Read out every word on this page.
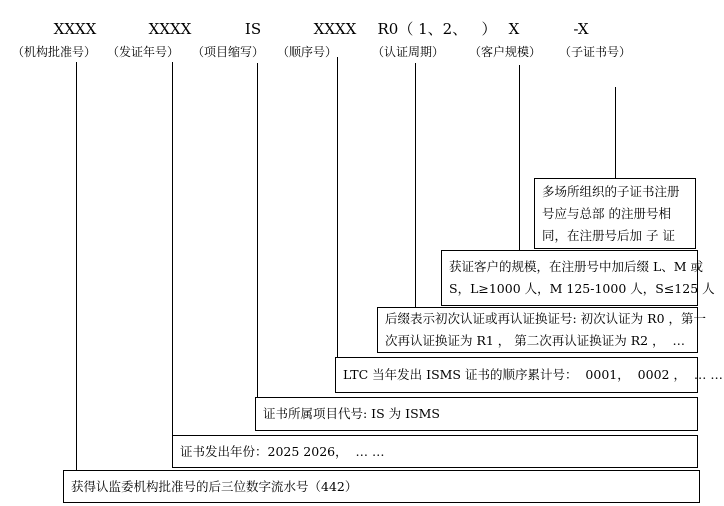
XXXX	XXXX	IS	XXXX R0（ 1、2、   ） X	-X
（机构批准号） （发证年号） （项目缩写） （顺序号）	（认证周期） （客户规模） （子证书号）
多场所组织的子证书注册
号应与总部 的注册号相
同，在注册号后加 子 证
获证客户的规模，在注册号中加后缀 L、M 或
S，L≥1000 人，M 125-1000 人，S≤125 人
后缀表示初次认证或再认证换证号: 初次认证为 R0 ，第一
次再认证换证为 R1 ， 第二次再认证换证为 R2 ，  …
LTC 当年发出 ISMS 证书的顺序累计号：  0001，  0002 ，  … …
证书所属项目代号: IS 为 ISMS
证书发出年份：2025 2026，  … …
获得认监委机构批准号的后三位数字流水号（442）
